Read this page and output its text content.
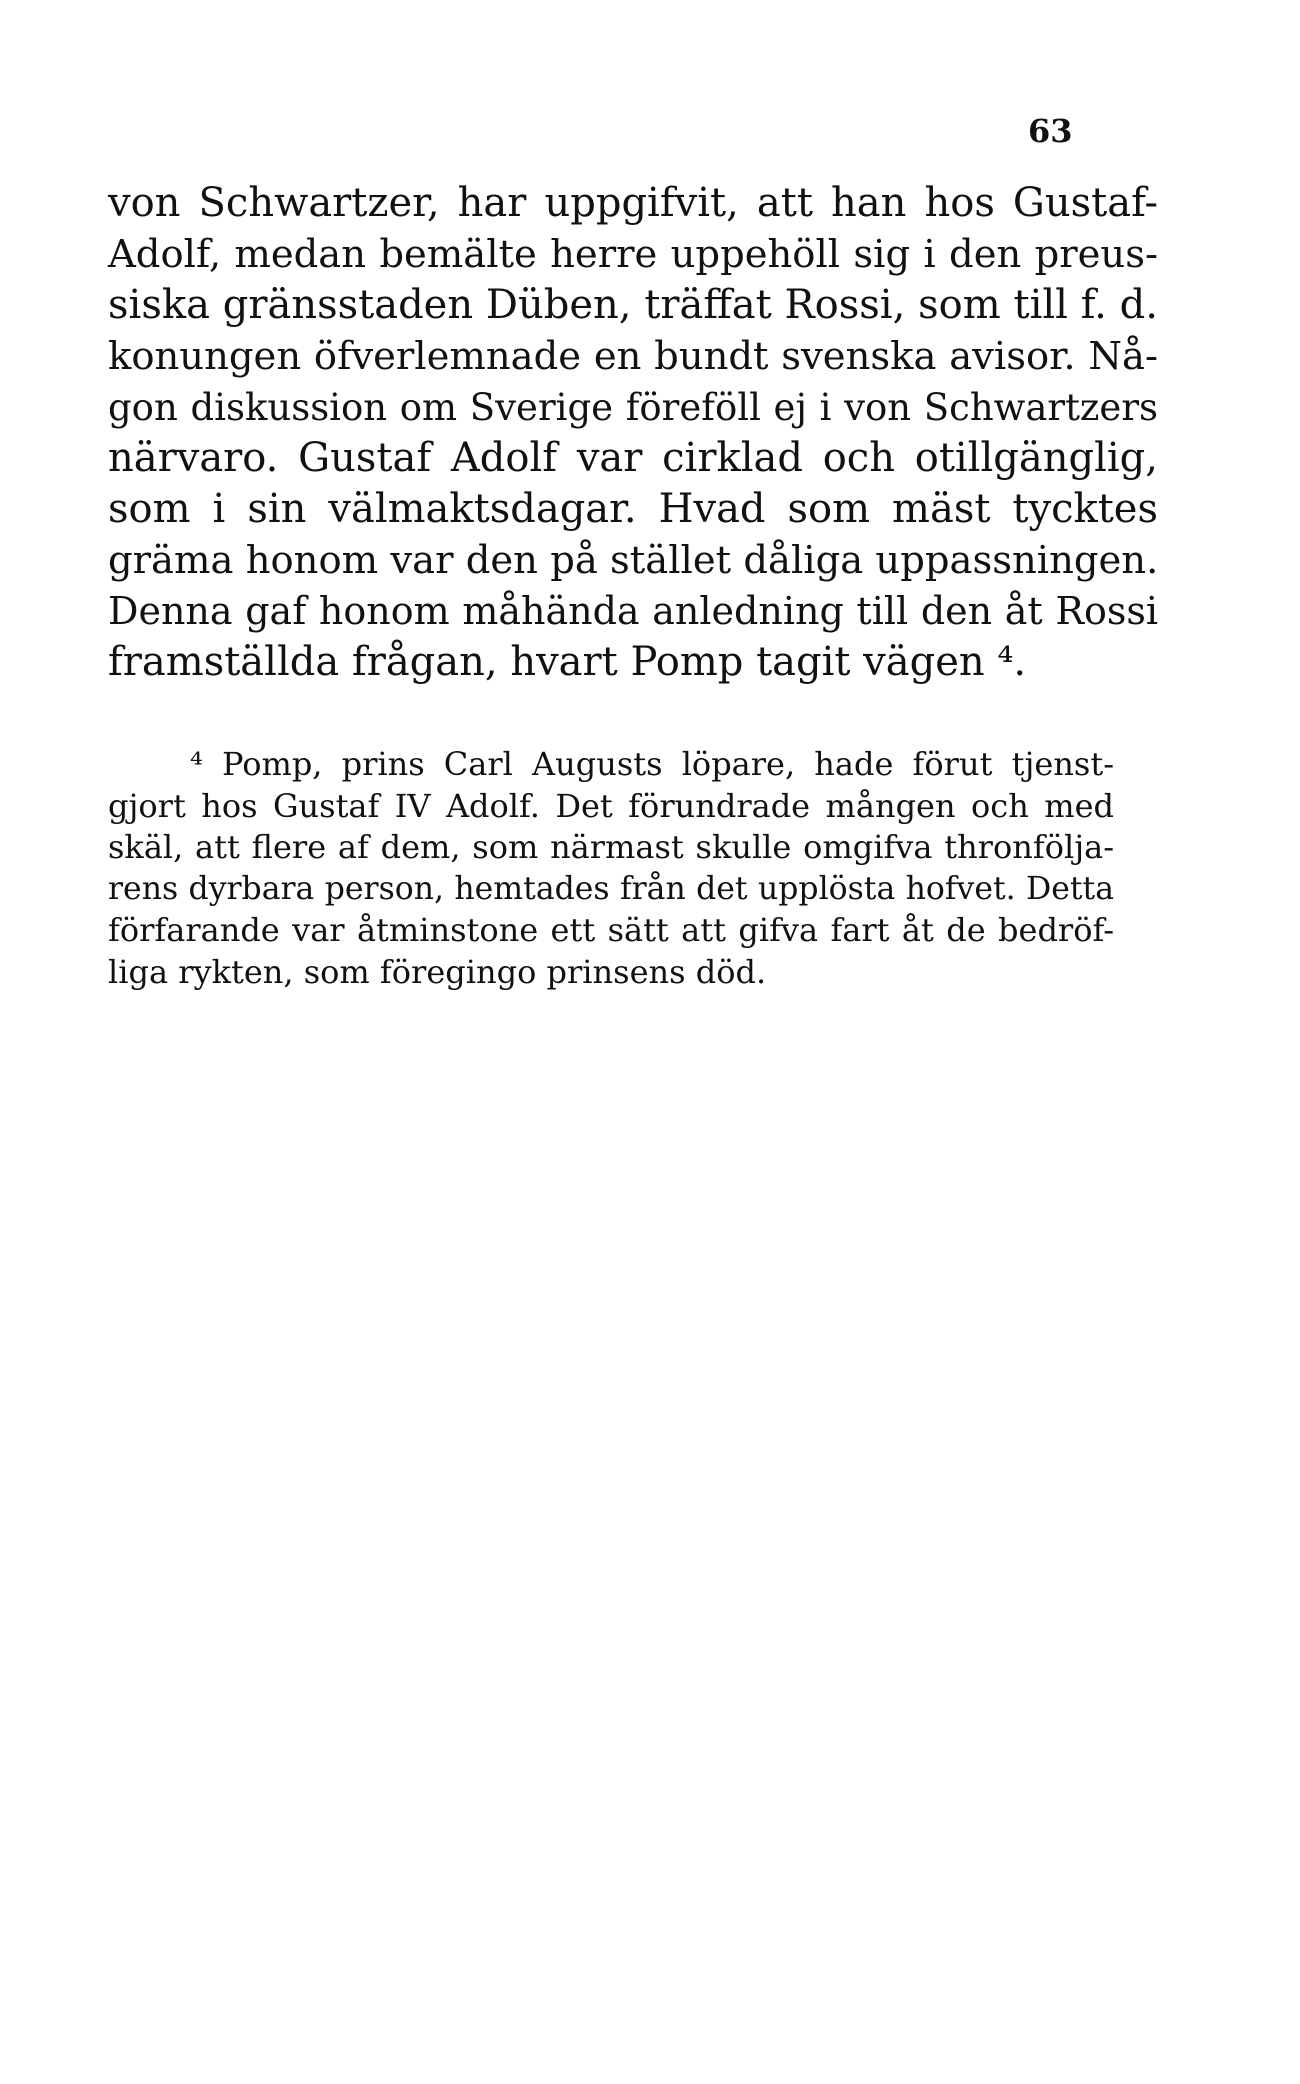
63
von Schwartzer, har uppgifvit, att han hos Gustaf-
Adolf, medan bemälte herre uppehöll sig i den preus-
siska gränsstaden Düben, träffat Rossi, som till f. d.
konungen öfverlemnade en bundt svenska avisor. Nå-
gon diskussion om Sverige föreföll ej i von Schwartzers
närvaro. Gustaf Adolf var cirklad och otillgänglig,
som i sin välmaktsdagar. Hvad som mäst tycktes
gräma honom var den på stället dåliga uppassningen.
Denna gaf honom måhända anledning till den åt Rossi
framställda frågan, hvart Pomp tagit vägen ⁴.
⁴ Pomp, prins Carl Augusts löpare, hade förut tjenst-
gjort hos Gustaf IV Adolf. Det förundrade mången och med
skäl, att flere af dem, som närmast skulle omgifva thronfölja-
rens dyrbara person, hemtades från det upplösta hofvet. Detta
förfarande var åtminstone ett sätt att gifva fart åt de bedröf-
liga rykten, som föregingo prinsens död.
